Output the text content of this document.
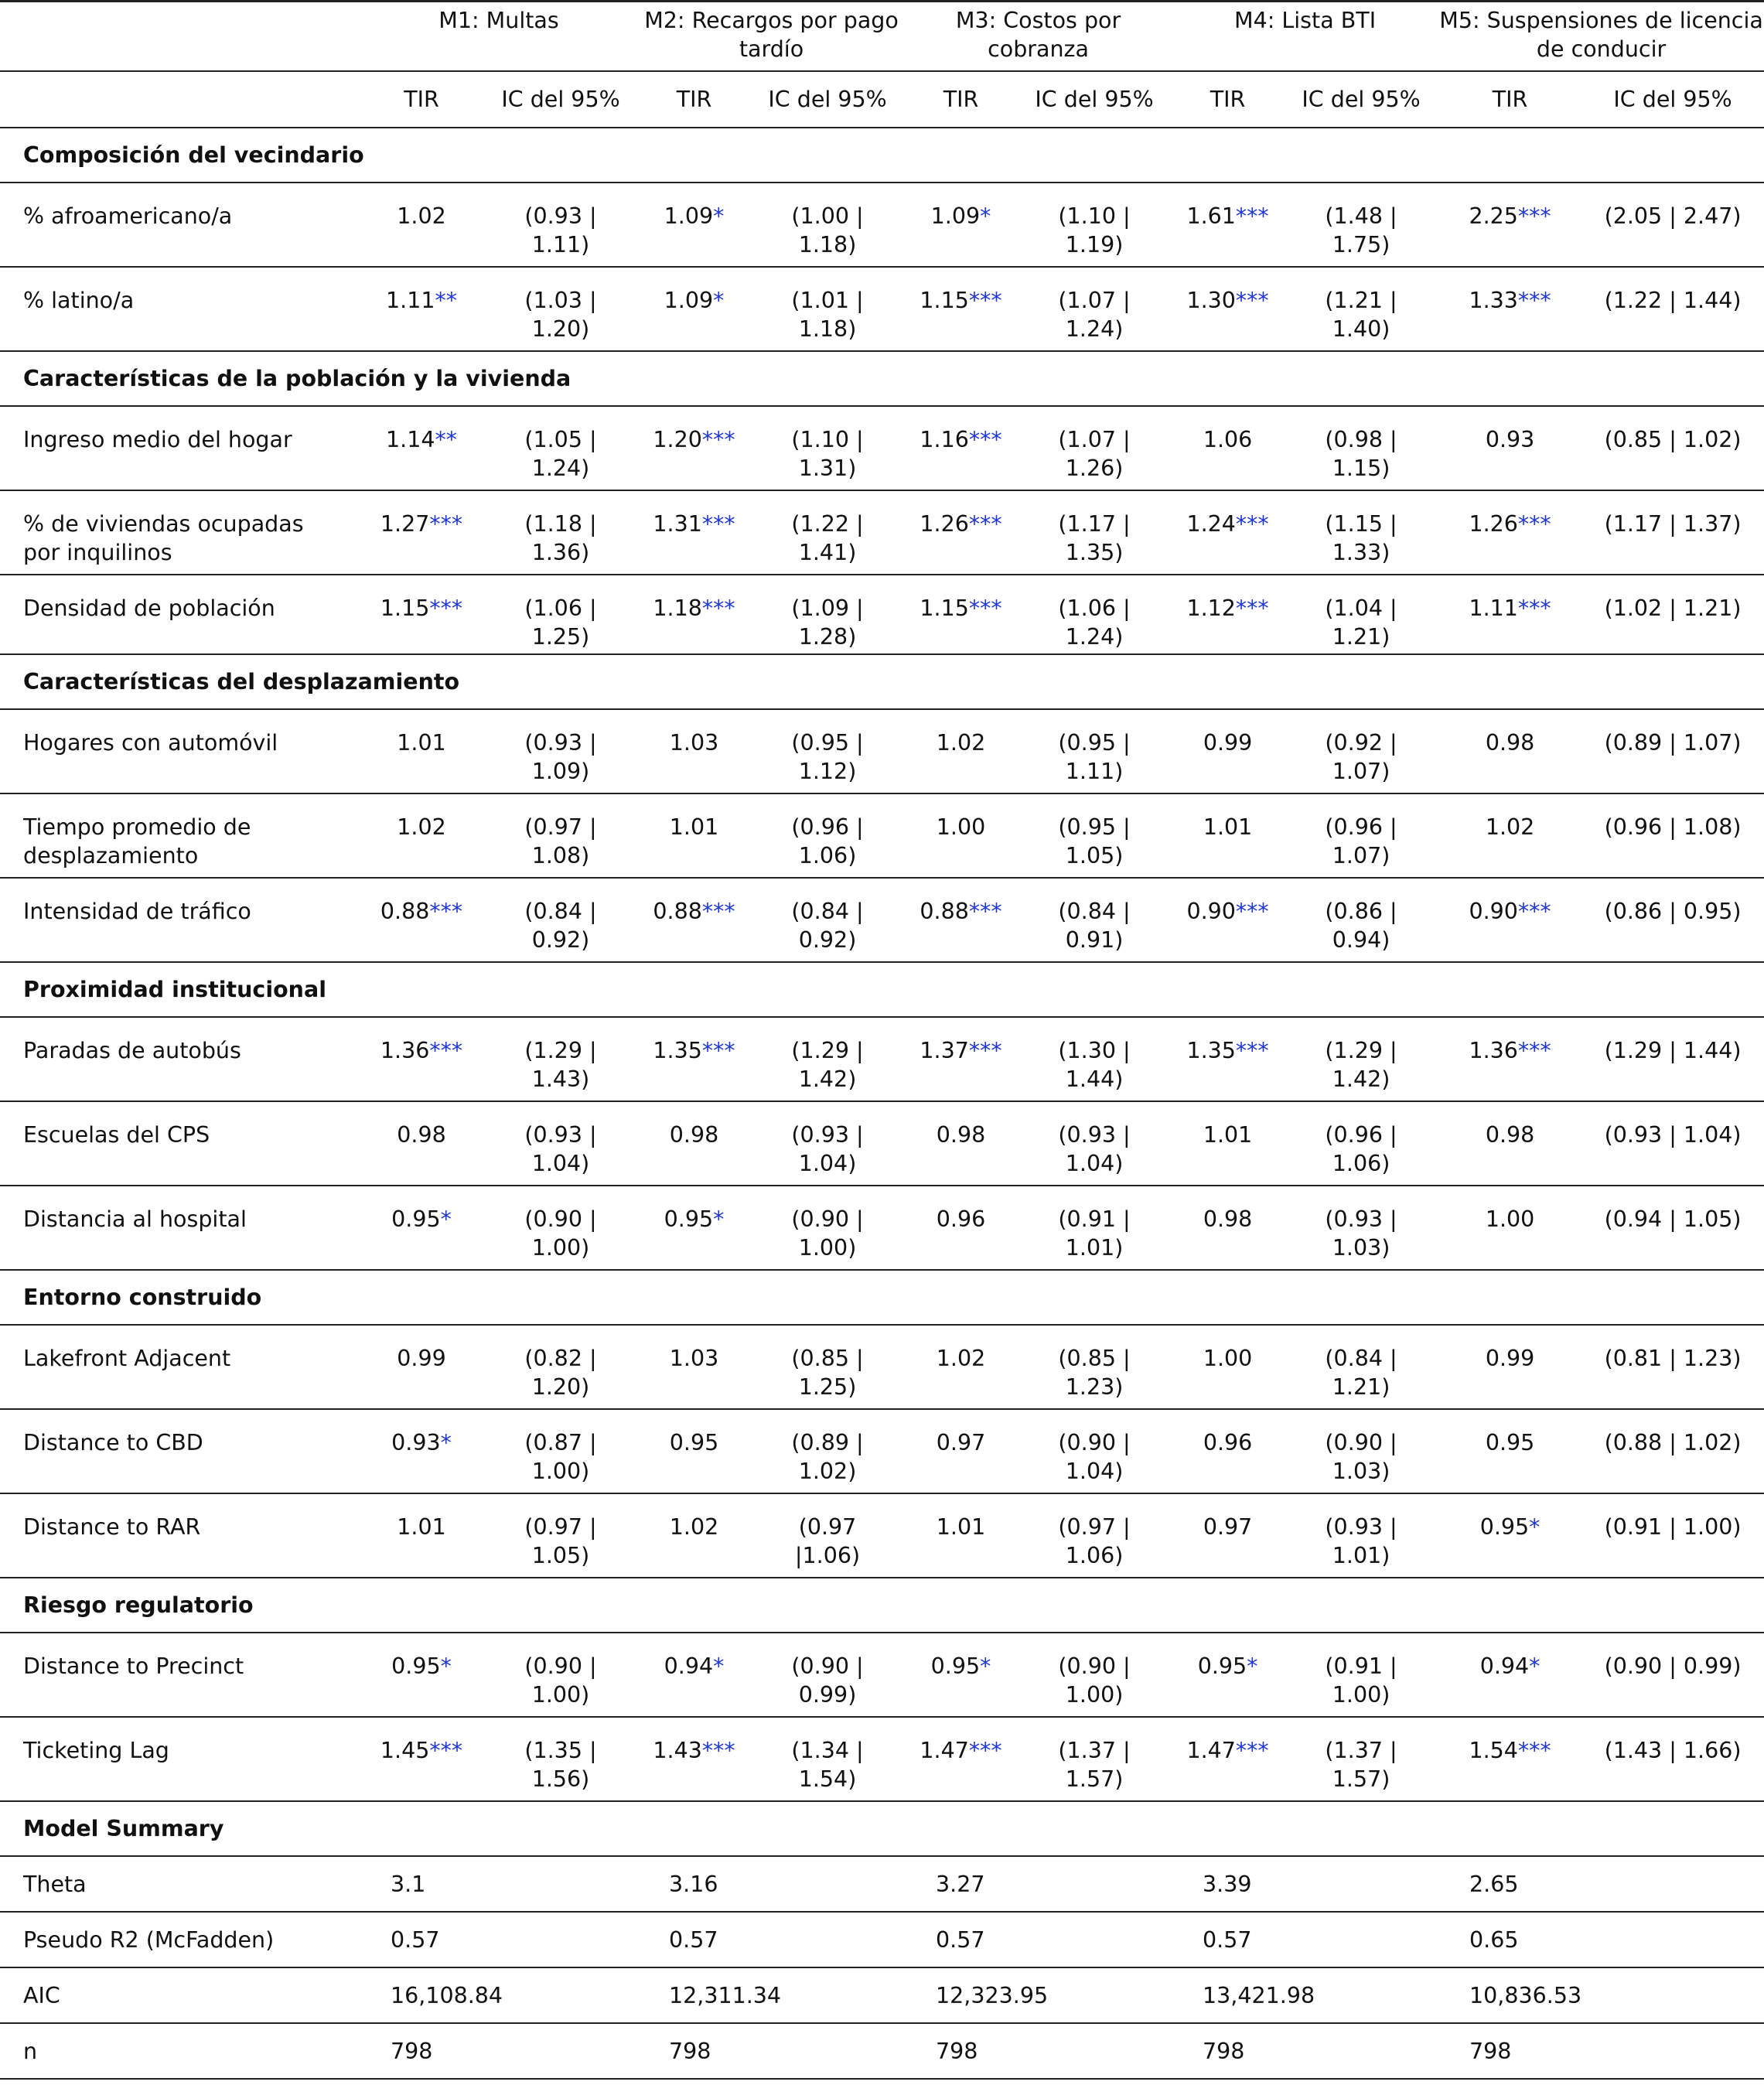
	M1: Multas		M2: Recargos por pago tardío		M3: Costos por cobranza		M4: Lista BTI		M5: Suspensiones de licencia de conducir	
	TIR	IC del 95%	TIR	IC del 95%	TIR	IC del 95%	TIR	IC del 95%	TIR	IC del 95%
Composición del vecindario										
% afroamericano/a	1.02	(0.93 | 1.11)	1.09*	(1.00 | 1.18)	1.09*	(1.10 | 1.19)	1.61***	(1.48 | 1.75)	2.25***	(2.05 | 2.47)
% latino/a	1.11**	(1.03 | 1.20)	1.09*	(1.01 | 1.18)	1.15***	(1.07 | 1.24)	1.30***	(1.21 | 1.40)	1.33***	(1.22 | 1.44)
Características de la población y la vivienda										
Ingreso medio del hogar	1.14**	(1.05 | 1.24)	1.20***	(1.10 | 1.31)	1.16***	(1.07 | 1.26)	1.06	(0.98 | 1.15)	0.93	(0.85 | 1.02)
% de viviendas ocupadas por inquilinos	1.27***	(1.18 | 1.36)	1.31***	(1.22 | 1.41)	1.26***	(1.17 | 1.35)	1.24***	(1.15 | 1.33)	1.26***	(1.17 | 1.37)
Densidad de población	1.15***	(1.06 | 1.25)	1.18***	(1.09 | 1.28)	1.15***	(1.06 | 1.24)	1.12***	(1.04 | 1.21)	1.11***	(1.02 | 1.21)
Características del desplazamiento										
Hogares con automóvil	1.01	(0.93 | 1.09)	1.03	(0.95 | 1.12)	1.02	(0.95 | 1.11)	0.99	(0.92 | 1.07)	0.98	(0.89 | 1.07)
Tiempo promedio de desplazamiento	1.02	(0.97 | 1.08)	1.01	(0.96 | 1.06)	1.00	(0.95 | 1.05)	1.01	(0.96 | 1.07)	1.02	(0.96 | 1.08)
Intensidad de tráfico	0.88***	(0.84 | 0.92)	0.88***	(0.84 | 0.92)	0.88***	(0.84 | 0.91)	0.90***	(0.86 | 0.94)	0.90***	(0.86 | 0.95)
Proximidad institucional										
Paradas de autobús	1.36***	(1.29 | 1.43)	1.35***	(1.29 | 1.42)	1.37***	(1.30 | 1.44)	1.35***	(1.29 | 1.42)	1.36***	(1.29 | 1.44)
Escuelas del CPS	0.98	(0.93 | 1.04)	0.98	(0.93 | 1.04)	0.98	(0.93 | 1.04)	1.01	(0.96 | 1.06)	0.98	(0.93 | 1.04)
Distancia al hospital	0.95*	(0.90 | 1.00)	0.95*	(0.90 | 1.00)	0.96	(0.91 | 1.01)	0.98	(0.93 | 1.03)	1.00	(0.94 | 1.05)
Entorno construido										
Lakefront Adjacent	0.99	(0.82 | 1.20)	1.03	(0.85 | 1.25)	1.02	(0.85 | 1.23)	1.00	(0.84 | 1.21)	0.99	(0.81 | 1.23)
Distance to CBD	0.93*	(0.87 | 1.00)	0.95	(0.89 | 1.02)	0.97	(0.90 | 1.04)	0.96	(0.90 | 1.03)	0.95	(0.88 | 1.02)
Distance to RAR	1.01	(0.97 | 1.05)	1.02	(0.97 |1.06)	1.01	(0.97 | 1.06)	0.97	(0.93 | 1.01)	0.95*	(0.91 | 1.00)
Riesgo regulatorio										
Distance to Precinct	0.95*	(0.90 | 1.00)	0.94*	(0.90 | 0.99)	0.95*	(0.90 | 1.00)	0.95*	(0.91 | 1.00)	0.94*	(0.90 | 0.99)
Ticketing Lag	1.45***	(1.35 | 1.56)	1.43***	(1.34 | 1.54)	1.47***	(1.37 | 1.57)	1.47***	(1.37 | 1.57)	1.54***	(1.43 | 1.66)
Model Summary										
Theta	3.1		3.16		3.27		3.39		2.65	
Pseudo R2 (McFadden)	0.57		0.57		0.57		0.57		0.65	
AIC	16,108.84		12,311.34		12,323.95		13,421.98		10,836.53	
n	798		798		798		798		798	
